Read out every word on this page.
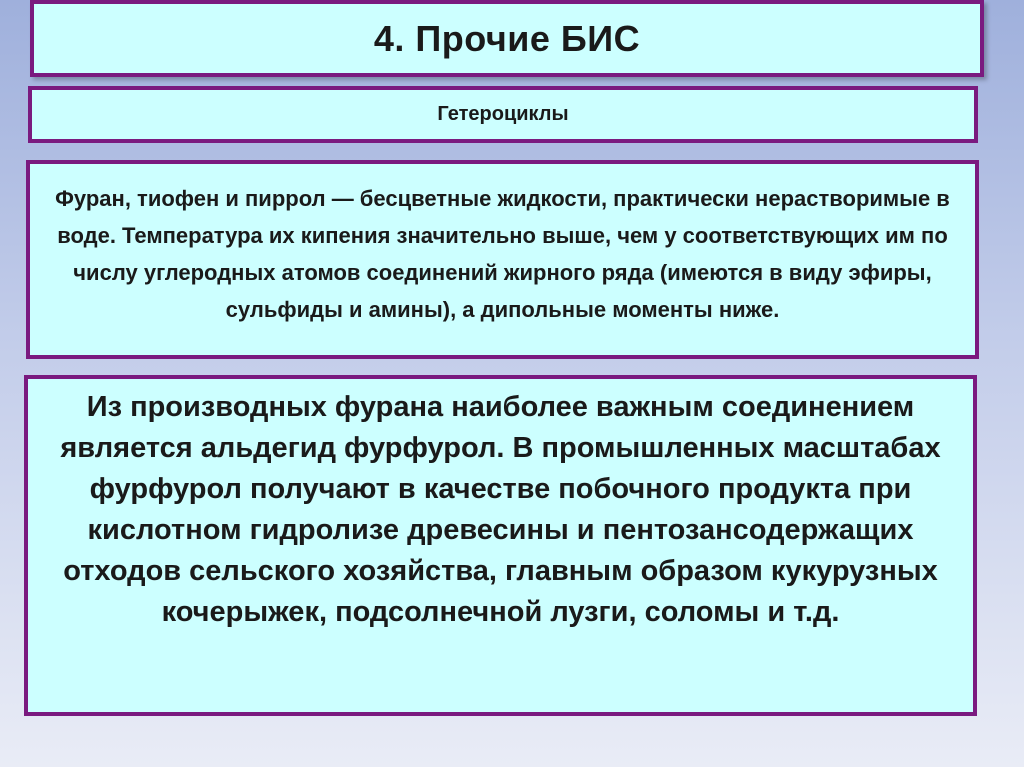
4. Прочие БИС
Гетероциклы

Фуран, тиофен и пиррол — бесцветные жидкости, практически нерастворимые в воде. Температура их кипения значительно выше, чем у соответствующих им по числу углеродных атомов соединений жирного ряда (имеются в виду эфиры, сульфиды и амины), а дипольные моменты ниже.

Из производных фурана наиболее важным соединением является альдегид фурфурол. В промышленных масштабах фурфурол получают в качестве побочного продукта при кислотном гидролизе древесины и пентозансодержащих отходов сельского хозяйства, главным образом кукурузных кочерыжек, подсолнечной лузги, соломы и т.д.
